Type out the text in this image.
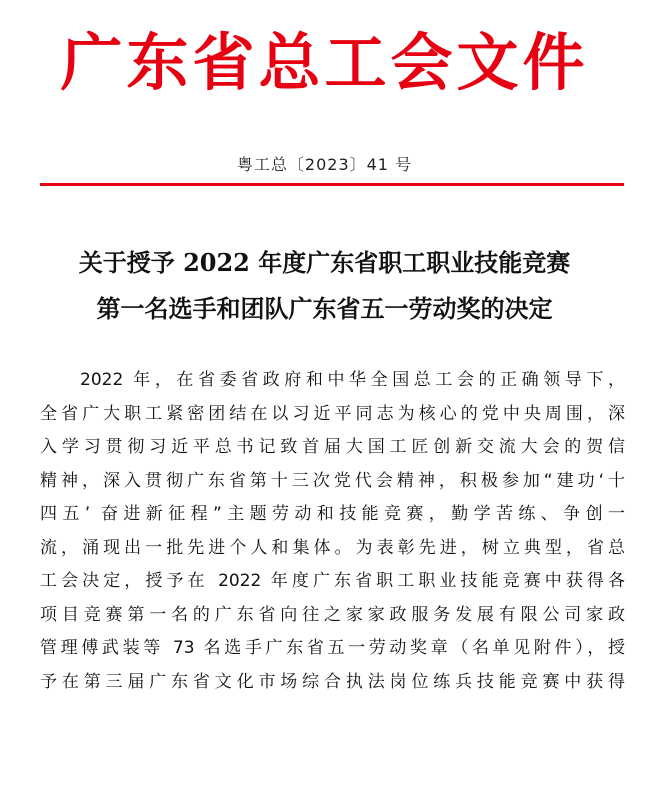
广东省总工会文件
粤工总〔2023〕41 号
关于授予 2022 年度广东省职工职业技能竞赛
第一名选手和团队广东省五一劳动奖的决定
2022 年，在省委省政府和中华全国总工会的正确领导下，
全省广大职工紧密团结在以习近平同志为核心的党中央周围，深
入学习贯彻习近平总书记致首届大国工匠创新交流大会的贺信
精神，深入贯彻广东省第十三次党代会精神，积极参加“建功‘十
四五’ 奋进新征程”主题劳动和技能竞赛，勤学苦练、争创一
流，涌现出一批先进个人和集体。为表彰先进，树立典型，省总
工会决定，授予在 2022 年度广东省职工职业技能竞赛中获得各
项目竞赛第一名的广东省向往之家家政服务发展有限公司家政
管理傅武装等 73 名选手广东省五一劳动奖章（名单见附件），授
予在第三届广东省文化市场综合执法岗位练兵技能竞赛中获得
